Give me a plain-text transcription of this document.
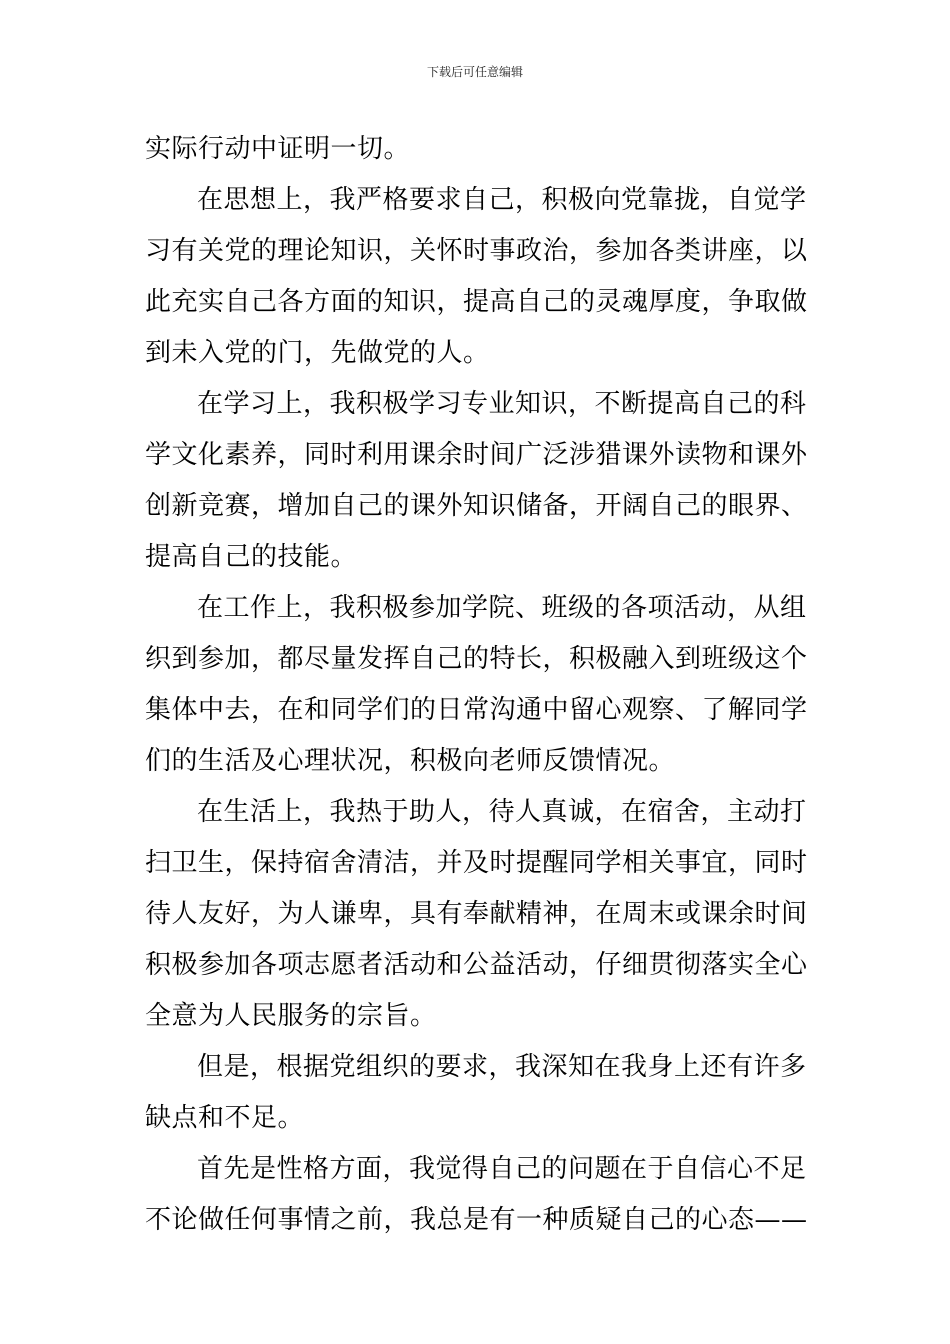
下载后可任意编辑
实际行动中证明一切。
在思想上，我严格要求自己，积极向党靠拢，自觉学
习有关党的理论知识，关怀时事政治，参加各类讲座，以
此充实自己各方面的知识，提高自己的灵魂厚度，争取做
到未入党的门，先做党的人。
在学习上，我积极学习专业知识，不断提高自己的科
学文化素养，同时利用课余时间广泛涉猎课外读物和课外
创新竞赛，增加自己的课外知识储备，开阔自己的眼界、
提高自己的技能。
在工作上，我积极参加学院、班级的各项活动，从组
织到参加，都尽量发挥自己的特长，积极融入到班级这个
集体中去，在和同学们的日常沟通中留心观察、了解同学
们的生活及心理状况，积极向老师反馈情况。
在生活上，我热于助人，待人真诚，在宿舍，主动打
扫卫生，保持宿舍清洁，并及时提醒同学相关事宜，同时
待人友好，为人谦卑，具有奉献精神，在周末或课余时间
积极参加各项志愿者活动和公益活动，仔细贯彻落实全心
全意为人民服务的宗旨。
但是，根据党组织的要求，我深知在我身上还有许多
缺点和不足。
首先是性格方面，我觉得自己的问题在于自信心不足
不论做任何事情之前，我总是有一种质疑自己的心态——
